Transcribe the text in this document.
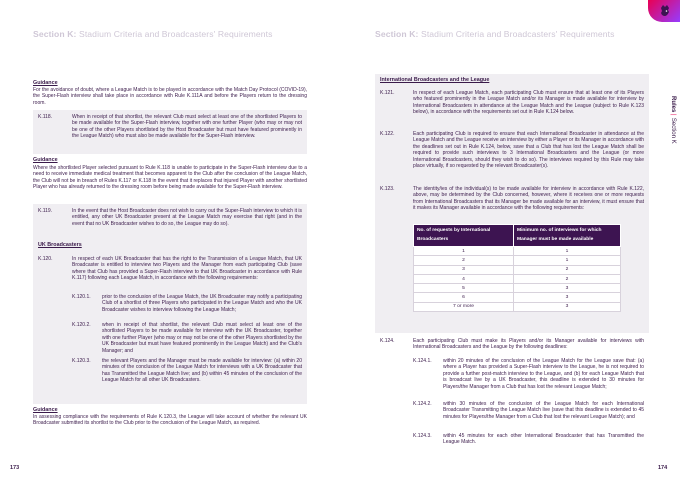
Section K: Stadium Criteria and Broadcasters' Requirements
Guidance
For the avoidance of doubt, where a League Match is to be played in accordance with the Match Day Protocol (COVID-19), the Super-Flash interview shall take place in accordance with Rule K.111A and before the Players return to the dressing room.
K.118.	When in receipt of that shortlist, the relevant Club must select at least one of the shortlisted Players to be made available for the Super-Flash interview, together with one further Player (who may or may not be one of the other Players shortlisted by the Host Broadcaster but must have featured prominently in the League Match) who must also be made available for the Super-Flash interview.
Guidance
Where the shortlisted Player selected pursuant to Rule K.118 is unable to participate in the Super-Flash interview due to a need to receive immediate medical treatment that becomes apparent to the Club after the conclusion of the League Match, the Club will not be in breach of Rules K.117 or K.118 in the event that it replaces that injured Player with another shortlisted Player who has already returned to the dressing room before being made available for the Super-Flash interview.
K.119.	In the event that the Host Broadcaster does not wish to carry out the Super-Flash interview to which it is entitled, any other UK Broadcaster present at the League Match may exercise that right (and in the event that no UK Broadcaster wishes to do so, the League may do so).
UK Broadcasters
K.120.	In respect of each UK Broadcaster that has the right to the Transmission of a League Match, that UK Broadcaster is entitled to interview two Players and the Manager from each participating Club (save where that Club has provided a Super-Flash interview to that UK Broadcaster in accordance with Rule K.117) following each League Match, in accordance with the following requirements:
K.120.1. prior to the conclusion of the League Match, the UK Broadcaster may notify a participating Club of a shortlist of three Players who participated in the League Match and who the UK Broadcaster wishes to interview following the League Match;
K.120.2. when in receipt of that shortlist, the relevant Club must select at least one of the shortlisted Players to be made available for interview with the UK Broadcaster, together with one further Player (who may or may not be one of the other Players shortlisted by the UK Broadcaster but must have featured prominently in the League Match) and the Club's Manager; and
K.120.3. the relevant Players and the Manager must be made available for interview: (a) within 20 minutes of the conclusion of the League Match for interviews with a UK Broadcaster that has Transmitted the League Match live; and (b) within 45 minutes of the conclusion of the League Match for all other UK Broadcasters.
Guidance
In assessing compliance with the requirements of Rule K.120.3, the League will take account of whether the relevant UK Broadcaster submitted its shortlist to the Club prior to the conclusion of the League Match, as required.
173
Section K: Stadium Criteria and Broadcasters' Requirements
International Broadcasters and the League
K.121.	In respect of each League Match, each participating Club must ensure that at least one of its Players who featured prominently in the League Match and/or its Manager is made available for interview by International Broadcasters in attendance at the League Match and the League (subject to Rule K.123 below), in accordance with the requirements set out in Rule K.124 below.
K.122.	Each participating Club is required to ensure that each International Broadcaster in attendance at the League Match and the League receive an interview by either a Player or its Manager in accordance with the deadlines set out in Rule K.124, below, save that a Club that has lost the League Match shall be required to provide such interviews to 3 International Broadcasters and the League (or more International Broadcasters, should they wish to do so). The interviews required by this Rule may take place virtually, if so requested by the relevant Broadcaster(s).
K.123.	The identity/ies of the individual(s) to be made available for interview in accordance with Rule K.122, above, may be determined by the Club concerned, however, where it receives one or more requests from International Broadcasters that its Manager be made available for an interview, it must ensure that it makes its Manager available in accordance with the following requirements:
No. of requests by International Broadcasters	Minimum no. of interviews for which Manager must be made available
1	1
2	1
3	2
4	2
5	3
6	3
7 or more	3
K.124.	Each participating Club must make its Players and/or its Manager available for interviews with International Broadcasters and the League by the following deadlines:
K.124.1. within 20 minutes of the conclusion of the League Match for the League save that: (a) where a Player has provided a Super-Flash interview to the League, he is not required to provide a further post-match interview to the League, and (b) for each League Match that is broadcast live by a UK Broadcaster, this deadline is extended to 30 minutes for Players/the Manager from a Club that has lost the relevant League Match;
K.124.2. within 30 minutes of the conclusion of the League Match for each International Broadcaster Transmitting the League Match live (save that this deadline is extended to 45 minutes for Players/the Manager from a Club that lost the relevant League Match); and
K.124.3. within 45 minutes for each other International Broadcaster that has Transmitted the League Match.
174
Rules|Section K
